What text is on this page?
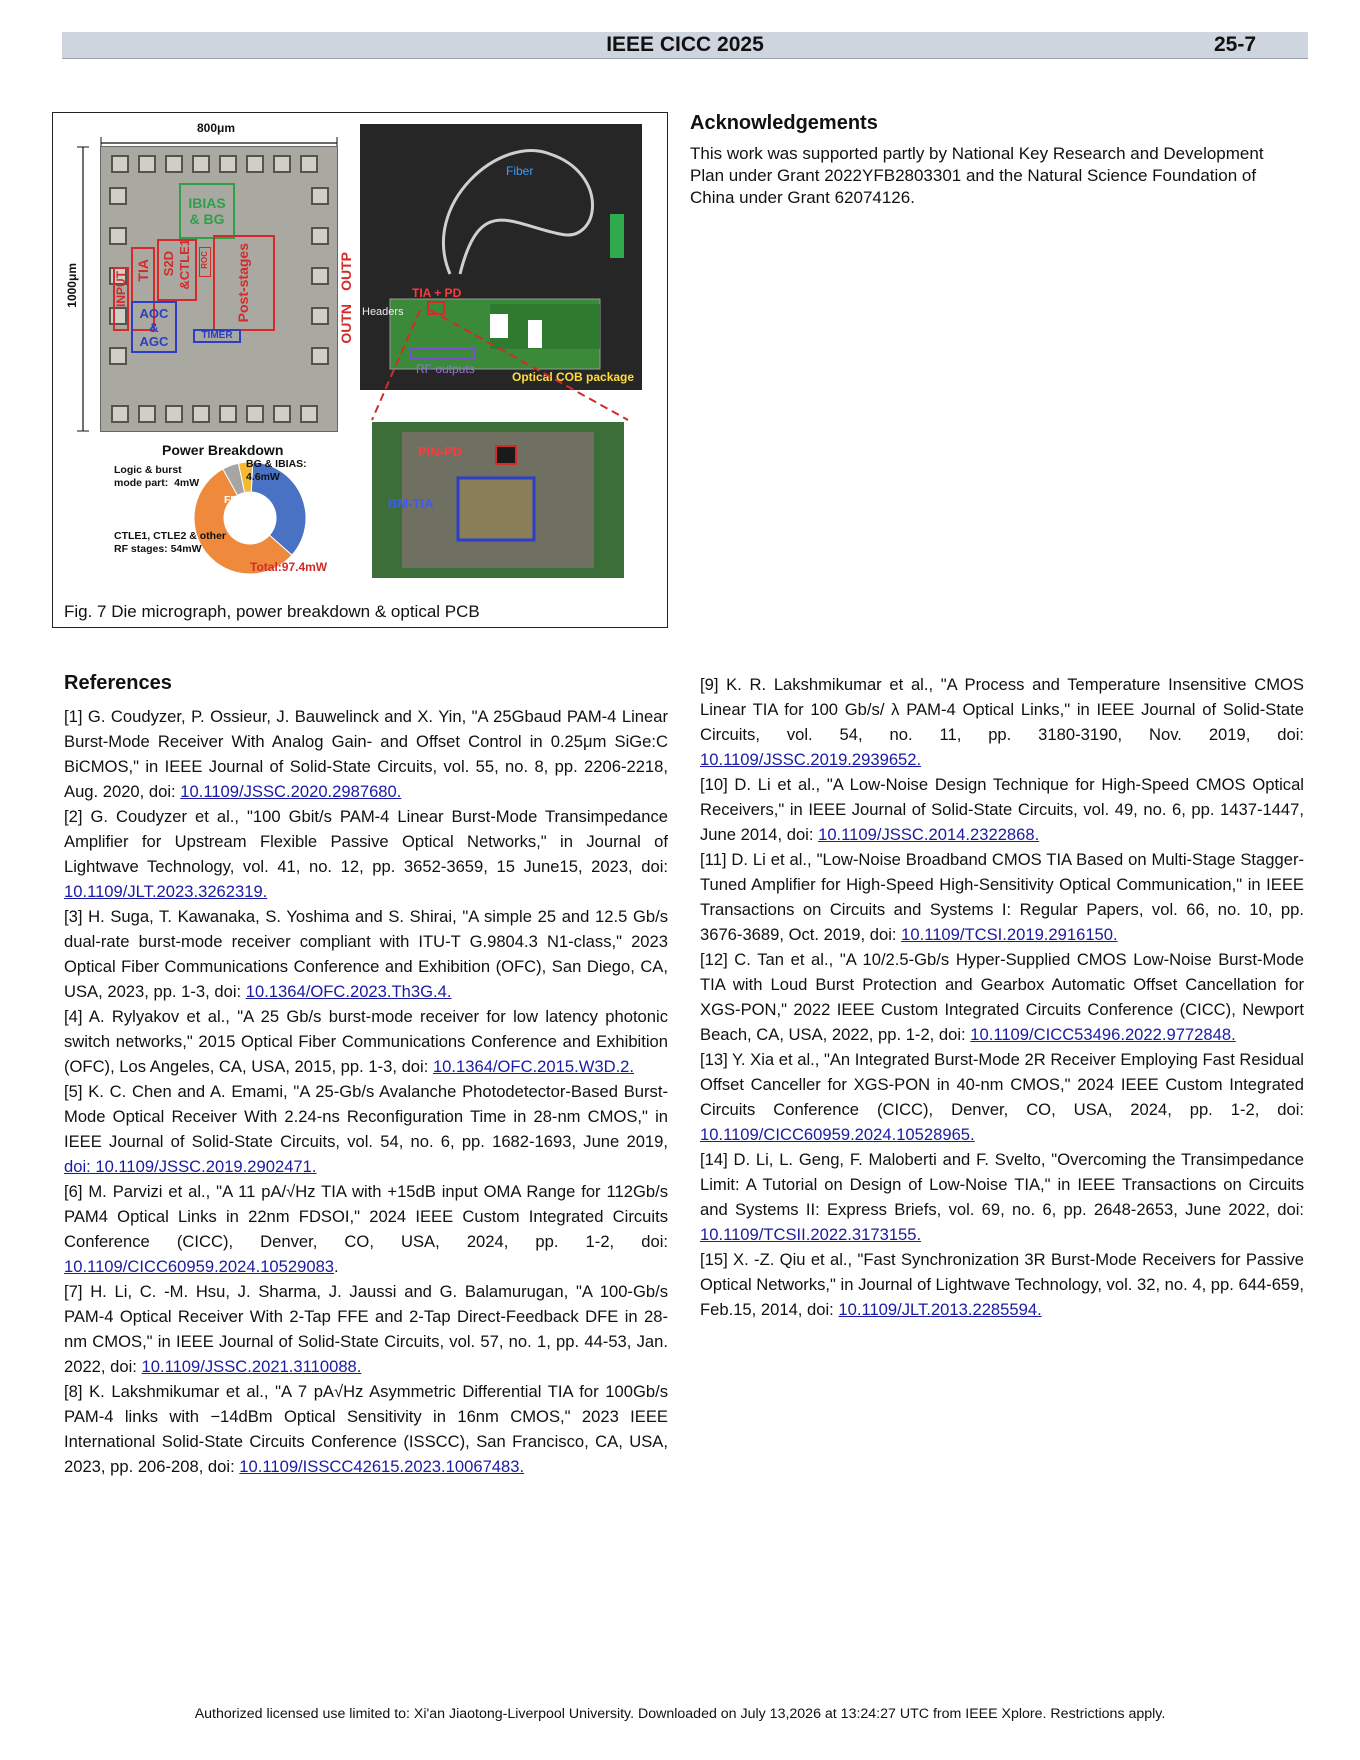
IEEE CICC 2025	25-7
800μm
1000μm
IBIAS
& BG
INPUT
TIA S2D &CTLE1 ROC Post-stages
AOC
&
AGC	TIMER	OUTN
OUTP
Fiber
TIA + PD
Headers
RF outputs
Optical COB package
PIN-PD
BM-TIA
Power Breakdown
Logic & burst
mode part:  4mW
BG & IBIAS:
4.6mW
FE-TIA:
34.8mW
CTLE1, CTLE2 & other
RF stages: 54mW
Total:97.4mW
Fig. 7 Die micrograph, power breakdown & optical PCB
Acknowledgements
This work was supported partly by National Key Research and Development Plan under Grant 2022YFB2803301 and the Natural Science Foundation of China under Grant 62074126.
References

[1] G. Coudyzer, P. Ossieur, J. Bauwelinck and X. Yin, "A 25Gbaud PAM-4 Linear Burst-Mode Receiver With Analog Gain- and Offset Control in 0.25μm SiGe:C BiCMOS," in IEEE Journal of Solid-State Circuits, vol. 55, no. 8, pp. 2206-2218, Aug. 2020, doi: 10.1109/JSSC.2020.2987680.

[2] G. Coudyzer et al., "100 Gbit/s PAM-4 Linear Burst-Mode Transimpedance Amplifier for Upstream Flexible Passive Optical Networks," in Journal of Lightwave Technology, vol. 41, no. 12, pp. 3652-3659, 15 June15, 2023, doi: 10.1109/JLT.2023.3262319.

[3] H. Suga, T. Kawanaka, S. Yoshima and S. Shirai, "A simple 25 and 12.5 Gb/s dual-rate burst-mode receiver compliant with ITU-T G.9804.3 N1-class," 2023 Optical Fiber Communications Conference and Exhibition (OFC), San Diego, CA, USA, 2023, pp. 1-3, doi: 10.1364/OFC.2023.Th3G.4.

[4] A. Rylyakov et al., "A 25 Gb/s burst-mode receiver for low latency photonic switch networks," 2015 Optical Fiber Communications Conference and Exhibition (OFC), Los Angeles, CA, USA, 2015, pp. 1-3, doi: 10.1364/OFC.2015.W3D.2.

[5] K. C. Chen and A. Emami, "A 25-Gb/s Avalanche Photodetector-Based Burst-Mode Optical Receiver With 2.24-ns Reconfiguration Time in 28-nm CMOS," in IEEE Journal of Solid-State Circuits, vol. 54, no. 6, pp. 1682-1693, June 2019, doi: 10.1109/JSSC.2019.2902471.

[6] M. Parvizi et al., "A 11 pA/√Hz TIA with +15dB input OMA Range for 112Gb/s PAM4 Optical Links in 22nm FDSOI," 2024 IEEE Custom Integrated Circuits Conference (CICC), Denver, CO, USA, 2024, pp. 1-2, doi: 10.1109/CICC60959.2024.10529083.

[7] H. Li, C. -M. Hsu, J. Sharma, J. Jaussi and G. Balamurugan, "A 100-Gb/s PAM-4 Optical Receiver With 2-Tap FFE and 2-Tap Direct-Feedback DFE in 28-nm CMOS," in IEEE Journal of Solid-State Circuits, vol. 57, no. 1, pp. 44-53, Jan. 2022, doi: 10.1109/JSSC.2021.3110088.

[8] K. Lakshmikumar et al., "A 7 pA√Hz Asymmetric Differential TIA for 100Gb/s PAM-4 links with −14dBm Optical Sensitivity in 16nm CMOS," 2023 IEEE International Solid-State Circuits Conference (ISSCC), San Francisco, CA, USA, 2023, pp. 206-208, doi: 10.1109/ISSCC42615.2023.10067483.

[9] K. R. Lakshmikumar et al., "A Process and Temperature Insensitive CMOS Linear TIA for 100 Gb/s/ λ PAM-4 Optical Links," in IEEE Journal of Solid-State Circuits, vol. 54, no. 11, pp. 3180-3190, Nov. 2019, doi: 10.1109/JSSC.2019.2939652.

[10] D. Li et al., "A Low-Noise Design Technique for High-Speed CMOS Optical Receivers," in IEEE Journal of Solid-State Circuits, vol. 49, no. 6, pp. 1437-1447, June 2014, doi: 10.1109/JSSC.2014.2322868.

[11] D. Li et al., "Low-Noise Broadband CMOS TIA Based on Multi-Stage Stagger-Tuned Amplifier for High-Speed High-Sensitivity Optical Communication," in IEEE Transactions on Circuits and Systems I: Regular Papers, vol. 66, no. 10, pp. 3676-3689, Oct. 2019, doi: 10.1109/TCSI.2019.2916150.

[12] C. Tan et al., "A 10/2.5-Gb/s Hyper-Supplied CMOS Low-Noise Burst-Mode TIA with Loud Burst Protection and Gearbox Automatic Offset Cancellation for XGS-PON," 2022 IEEE Custom Integrated Circuits Conference (CICC), Newport Beach, CA, USA, 2022, pp. 1-2, doi: 10.1109/CICC53496.2022.9772848.

[13] Y. Xia et al., "An Integrated Burst-Mode 2R Receiver Employing Fast Residual Offset Canceller for XGS-PON in 40-nm CMOS," 2024 IEEE Custom Integrated Circuits Conference (CICC), Denver, CO, USA, 2024, pp. 1-2, doi: 10.1109/CICC60959.2024.10528965.

[14] D. Li, L. Geng, F. Maloberti and F. Svelto, "Overcoming the Transimpedance Limit: A Tutorial on Design of Low-Noise TIA," in IEEE Transactions on Circuits and Systems II: Express Briefs, vol. 69, no. 6, pp. 2648-2653, June 2022, doi: 10.1109/TCSII.2022.3173155.

[15] X. -Z. Qiu et al., "Fast Synchronization 3R Burst-Mode Receivers for Passive Optical Networks," in Journal of Lightwave Technology, vol. 32, no. 4, pp. 644-659, Feb.15, 2014, doi: 10.1109/JLT.2013.2285594.

Authorized licensed use limited to: Xi'an Jiaotong-Liverpool University. Downloaded on July 13,2026 at 13:24:27 UTC from IEEE Xplore. Restrictions apply.
